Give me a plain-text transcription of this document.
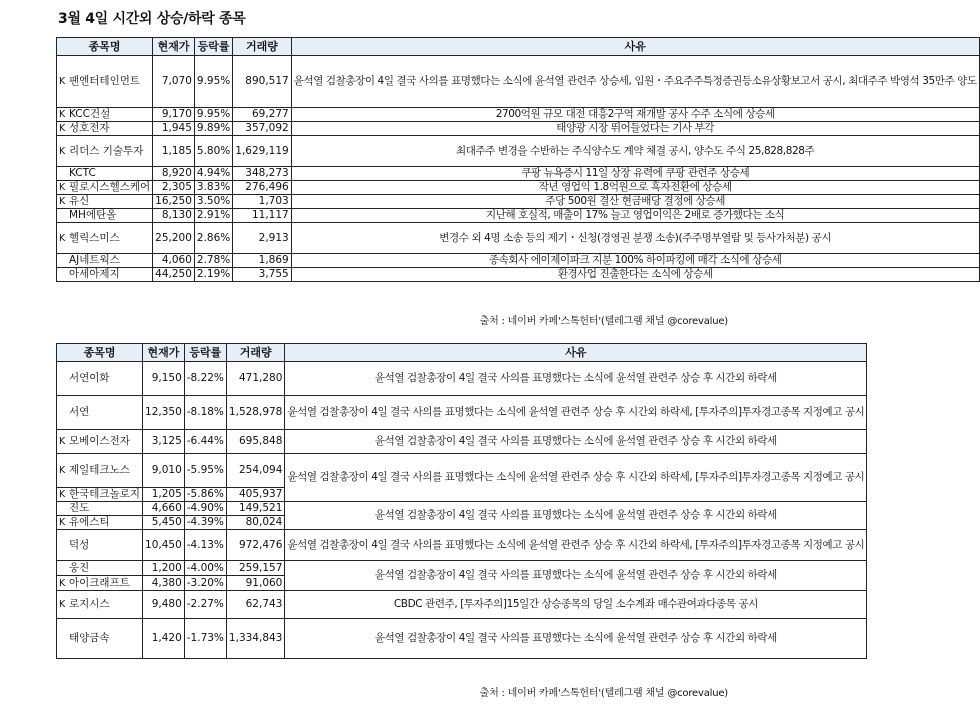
3월 4일 시간외 상승/하락 종목
종목명	현재가	등락률	거래량	사유
K 팬엔터테인먼트	7,070	9.95%	890,517	윤석열 검찰총장이 4일 결국 사의를 표명했다는 소식에 윤석열 관련주 상승세, 임원・주요주주특정증권등소유상황보고서 공시, 최대주주 박영석 35만주 양도
K KCC건설	9,170	9.95%	69,277	2700억원 규모 대전 대흥2구역 재개발 공사 수주 소식에 상승세
K 성호전자	1,945	9.89%	357,092	태양광 시장 뛰어들었다는 기사 부각
K 리더스 기술투자	1,185	5.80%	1,629,119	최대주주 변경을 수반하는 주식양수도 계약 체결 공시, 양수도 주식 25,828,828주
KCTC	8,920	4.94%	348,273	쿠팡 뉴욕증시 11일 상장 유력에 쿠팡 관련주 상승세
K 필로시스헬스케어	2,305	3.83%	276,496	작년 영업익 1.8억원으로 흑자전환에 상승세
K 유신	16,250	3.50%	1,703	주당 500원 결산 현금배당 결정에 상승세
MH에탄올	8,130	2.91%	11,117	지난해 호실적, 매출이 17% 늘고 영업이익은 2배로 증가했다는 소식
K 헬릭스미스	25,200	2.86%	2,913	변경수 외 4명 소송 등의 제기・신청(경영권 분쟁 소송)(주주명부열람 및 등사가처분) 공시
AJ네트웍스	4,060	2.78%	1,869	종속회사 에이제이파크 지분 100% 하이파킹에 매각 소식에 상승세
아세아제지	44,250	2.19%	3,755	환경사업 진출한다는 소식에 상승세
출처 : 네이버 카페'스톡헌터'(텔레그램 채널 @corevalue)
종목명	현재가	등락률	거래량	사유
서연이화	9,150	-8.22%	471,280	윤석열 검찰총장이 4일 결국 사의를 표명했다는 소식에 윤석열 관련주 상승 후 시간외 하락세
서연	12,350	-8.18%	1,528,978	윤석열 검찰총장이 4일 결국 사의를 표명했다는 소식에 윤석열 관련주 상승 후 시간외 하락세, [투자주의]투자경고종목 지정예고 공시
K 모베이스전자	3,125	-6.44%	695,848	윤석열 검찰총장이 4일 결국 사의를 표명했다는 소식에 윤석열 관련주 상승 후 시간외 하락세
K 제일테크노스	9,010	-5.95%	254,094	윤석열 검찰총장이 4일 결국 사의를 표명했다는 소식에 윤석열 관련주 상승 후 시간외 하락세, [투자주의]투자경고종목 지정예고 공시
K 한국테크놀로지	1,205	-5.86%	405,937	
진도	4,660	-4.90%	149,521	윤석열 검찰총장이 4일 결국 사의를 표명했다는 소식에 윤석열 관련주 상승 후 시간외 하락세
K 유에스티	5,450	-4.39%	80,024	
덕성	10,450	-4.13%	972,476	윤석열 검찰총장이 4일 결국 사의를 표명했다는 소식에 윤석열 관련주 상승 후 시간외 하락세, [투자주의]투자경고종목 지정예고 공시
웅진	1,200	-4.00%	259,157	윤석열 검찰총장이 4일 결국 사의를 표명했다는 소식에 윤석열 관련주 상승 후 시간외 하락세
K 아이크래프트	4,380	-3.20%	91,060	
K 로지시스	9,480	-2.27%	62,743	CBDC 관련주, [투자주의]15일간 상승종목의 당일 소수계좌 매수관여과다종목 공시
태양금속	1,420	-1.73%	1,334,843	윤석열 검찰총장이 4일 결국 사의를 표명했다는 소식에 윤석열 관련주 상승 후 시간외 하락세
출처 : 네이버 카페'스톡헌터'(텔레그램 채널 @corevalue)
